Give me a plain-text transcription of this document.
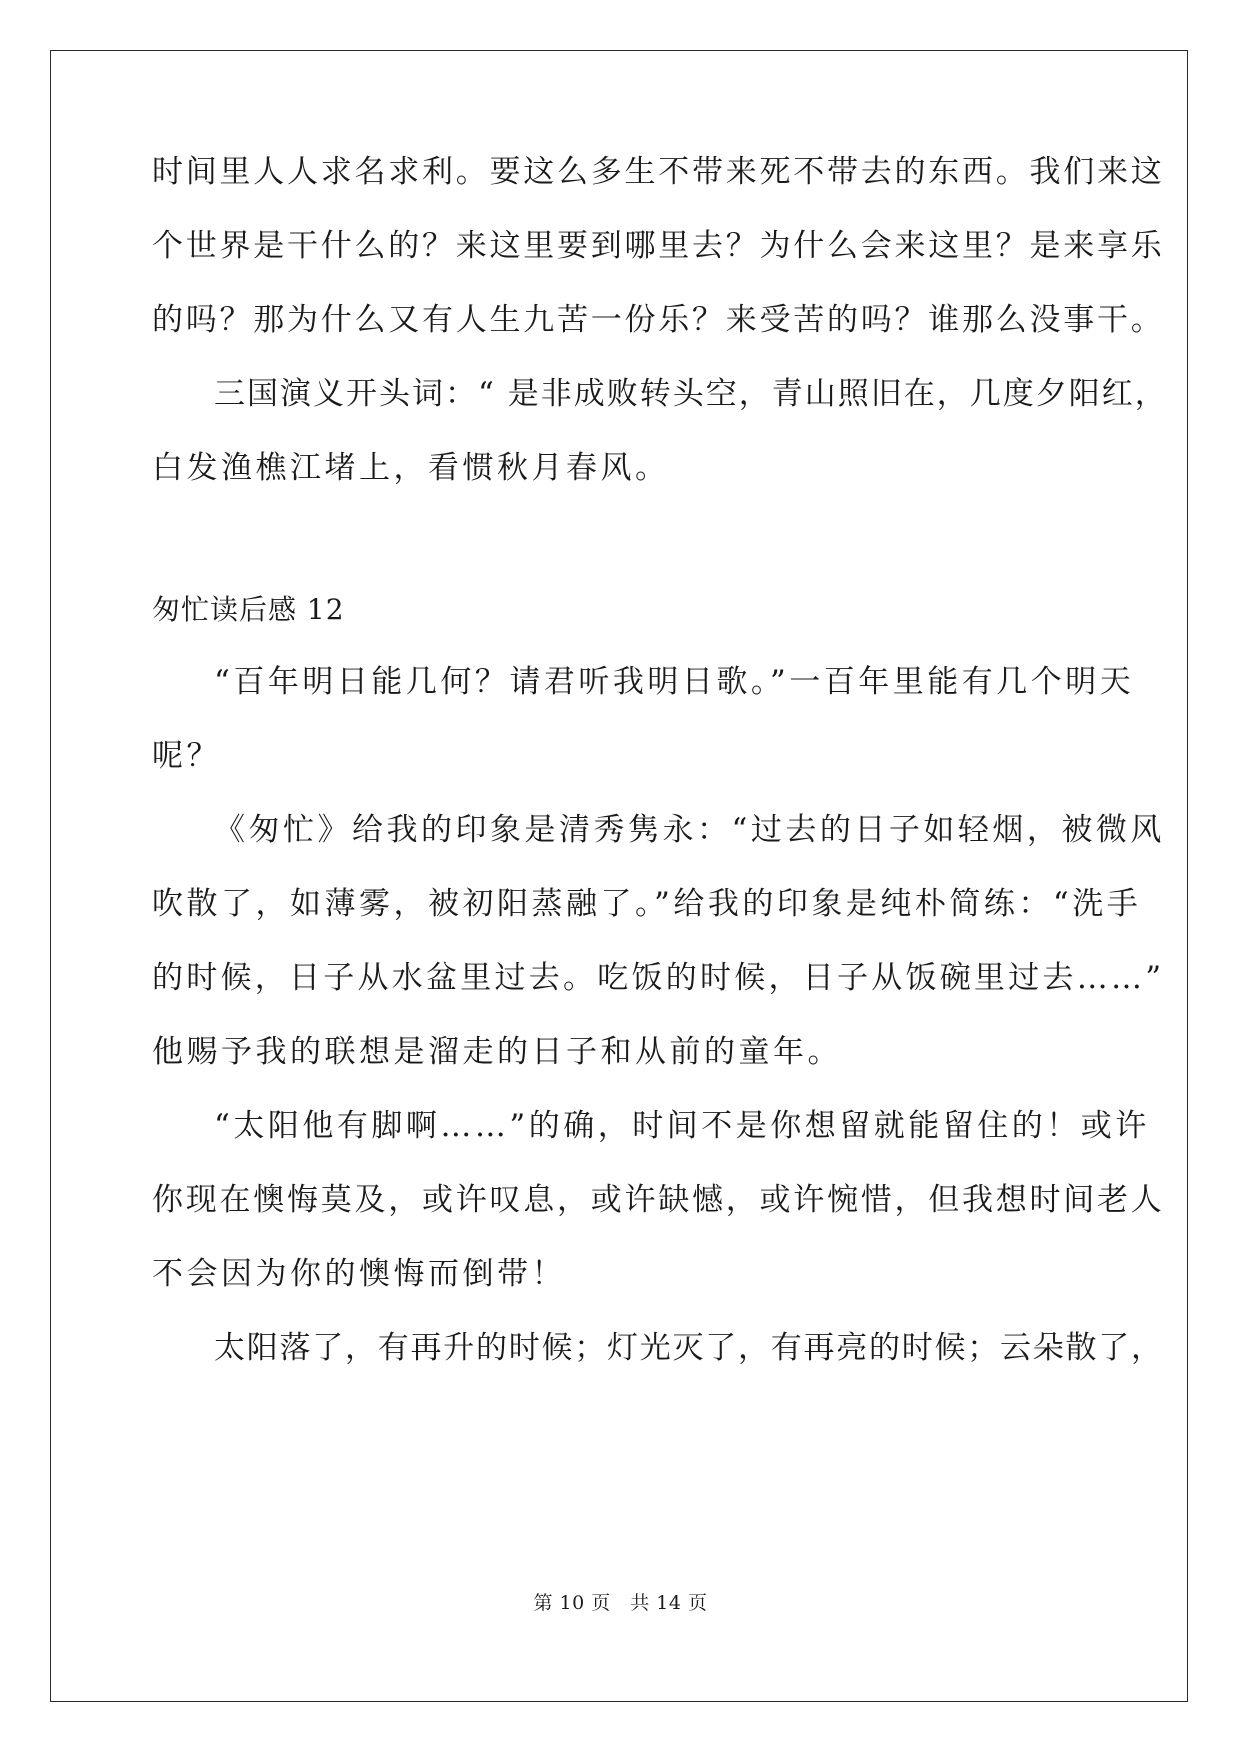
时间里人人求名求利。要这么多生不带来死不带去的东西。我们来这
个世界是干什么的？来这里要到哪里去？为什么会来这里？是来享乐
的吗？那为什么又有人生九苦一份乐？来受苦的吗？谁那么没事干。
三国演义开头词：“ 是非成败转头空，青山照旧在，几度夕阳红，
白发渔樵江堵上，看惯秋月春风。
匆忙读后感 12
“百年明日能几何？请君听我明日歌。”一百年里能有几个明天
呢？
《匆忙》给我的印象是清秀隽永：“过去的日子如轻烟，被微风
吹散了，如薄雾，被初阳蒸融了。”给我的印象是纯朴简练：“洗手
的时候，日子从水盆里过去。吃饭的时候，日子从饭碗里过去……”
他赐予我的联想是溜走的日子和从前的童年。
“太阳他有脚啊……”的确，时间不是你想留就能留住的！或许
你现在懊悔莫及，或许叹息，或许缺憾，或许惋惜，但我想时间老人
不会因为你的懊悔而倒带！
太阳落了，有再升的时候；灯光灭了，有再亮的时候；云朵散了，
第 10 页　共 14 页
